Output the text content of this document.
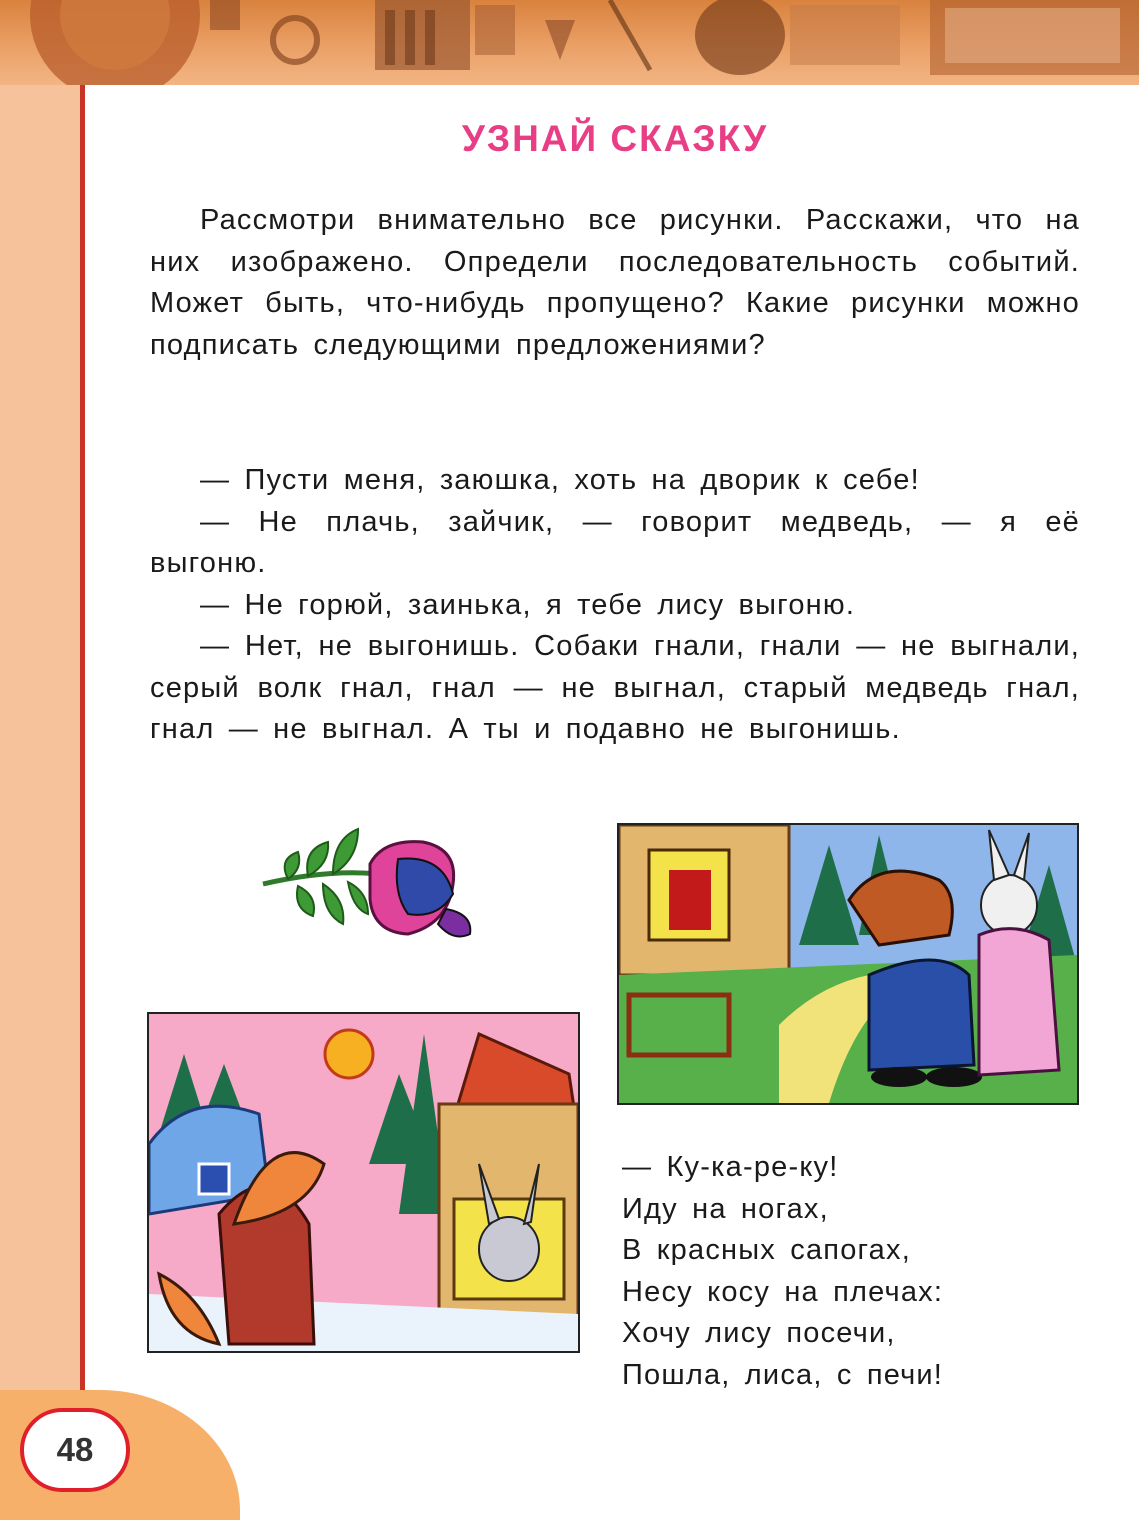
48
УЗНАЙ СКАЗКУ

Рассмотри внимательно все рисунки. Расскажи, что на них изображено. Определи последовательность событий. Может быть, что-нибудь пропущено? Какие рисунки можно подписать следующими предложениями?

— Пусти меня, заюшка, хоть на дворик к себе!
— Не плачь, зайчик, — говорит медведь, — я её выгоню.
— Не горюй, заинька, я тебе лису выгоню.
— Нет, не выгонишь. Собаки гнали, гнали — не выгнали, серый волк гнал, гнал — не выгнал, старый медведь гнал, гнал — не выгнал. А ты и подавно не выгонишь.
— Ку-ка-ре-ку!
Иду на ногах,
В красных сапогах,
Несу косу на плечах:
Хочу лису посечи,
Пошла, лиса, с печи!
